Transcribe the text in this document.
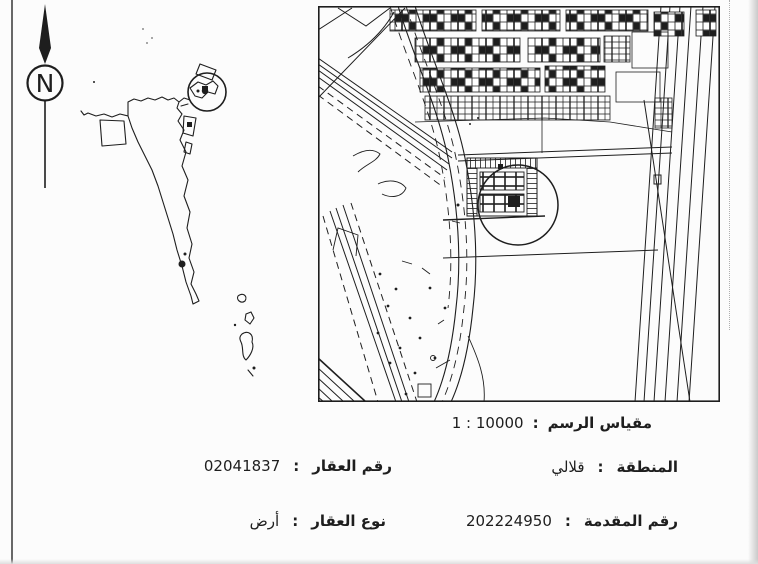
N
مقياس الرسم:1 : 10000
المنطقة:قلالي
رقم العقار:02041837
رقم المقدمة:202224950
نوع العقار:أرض
